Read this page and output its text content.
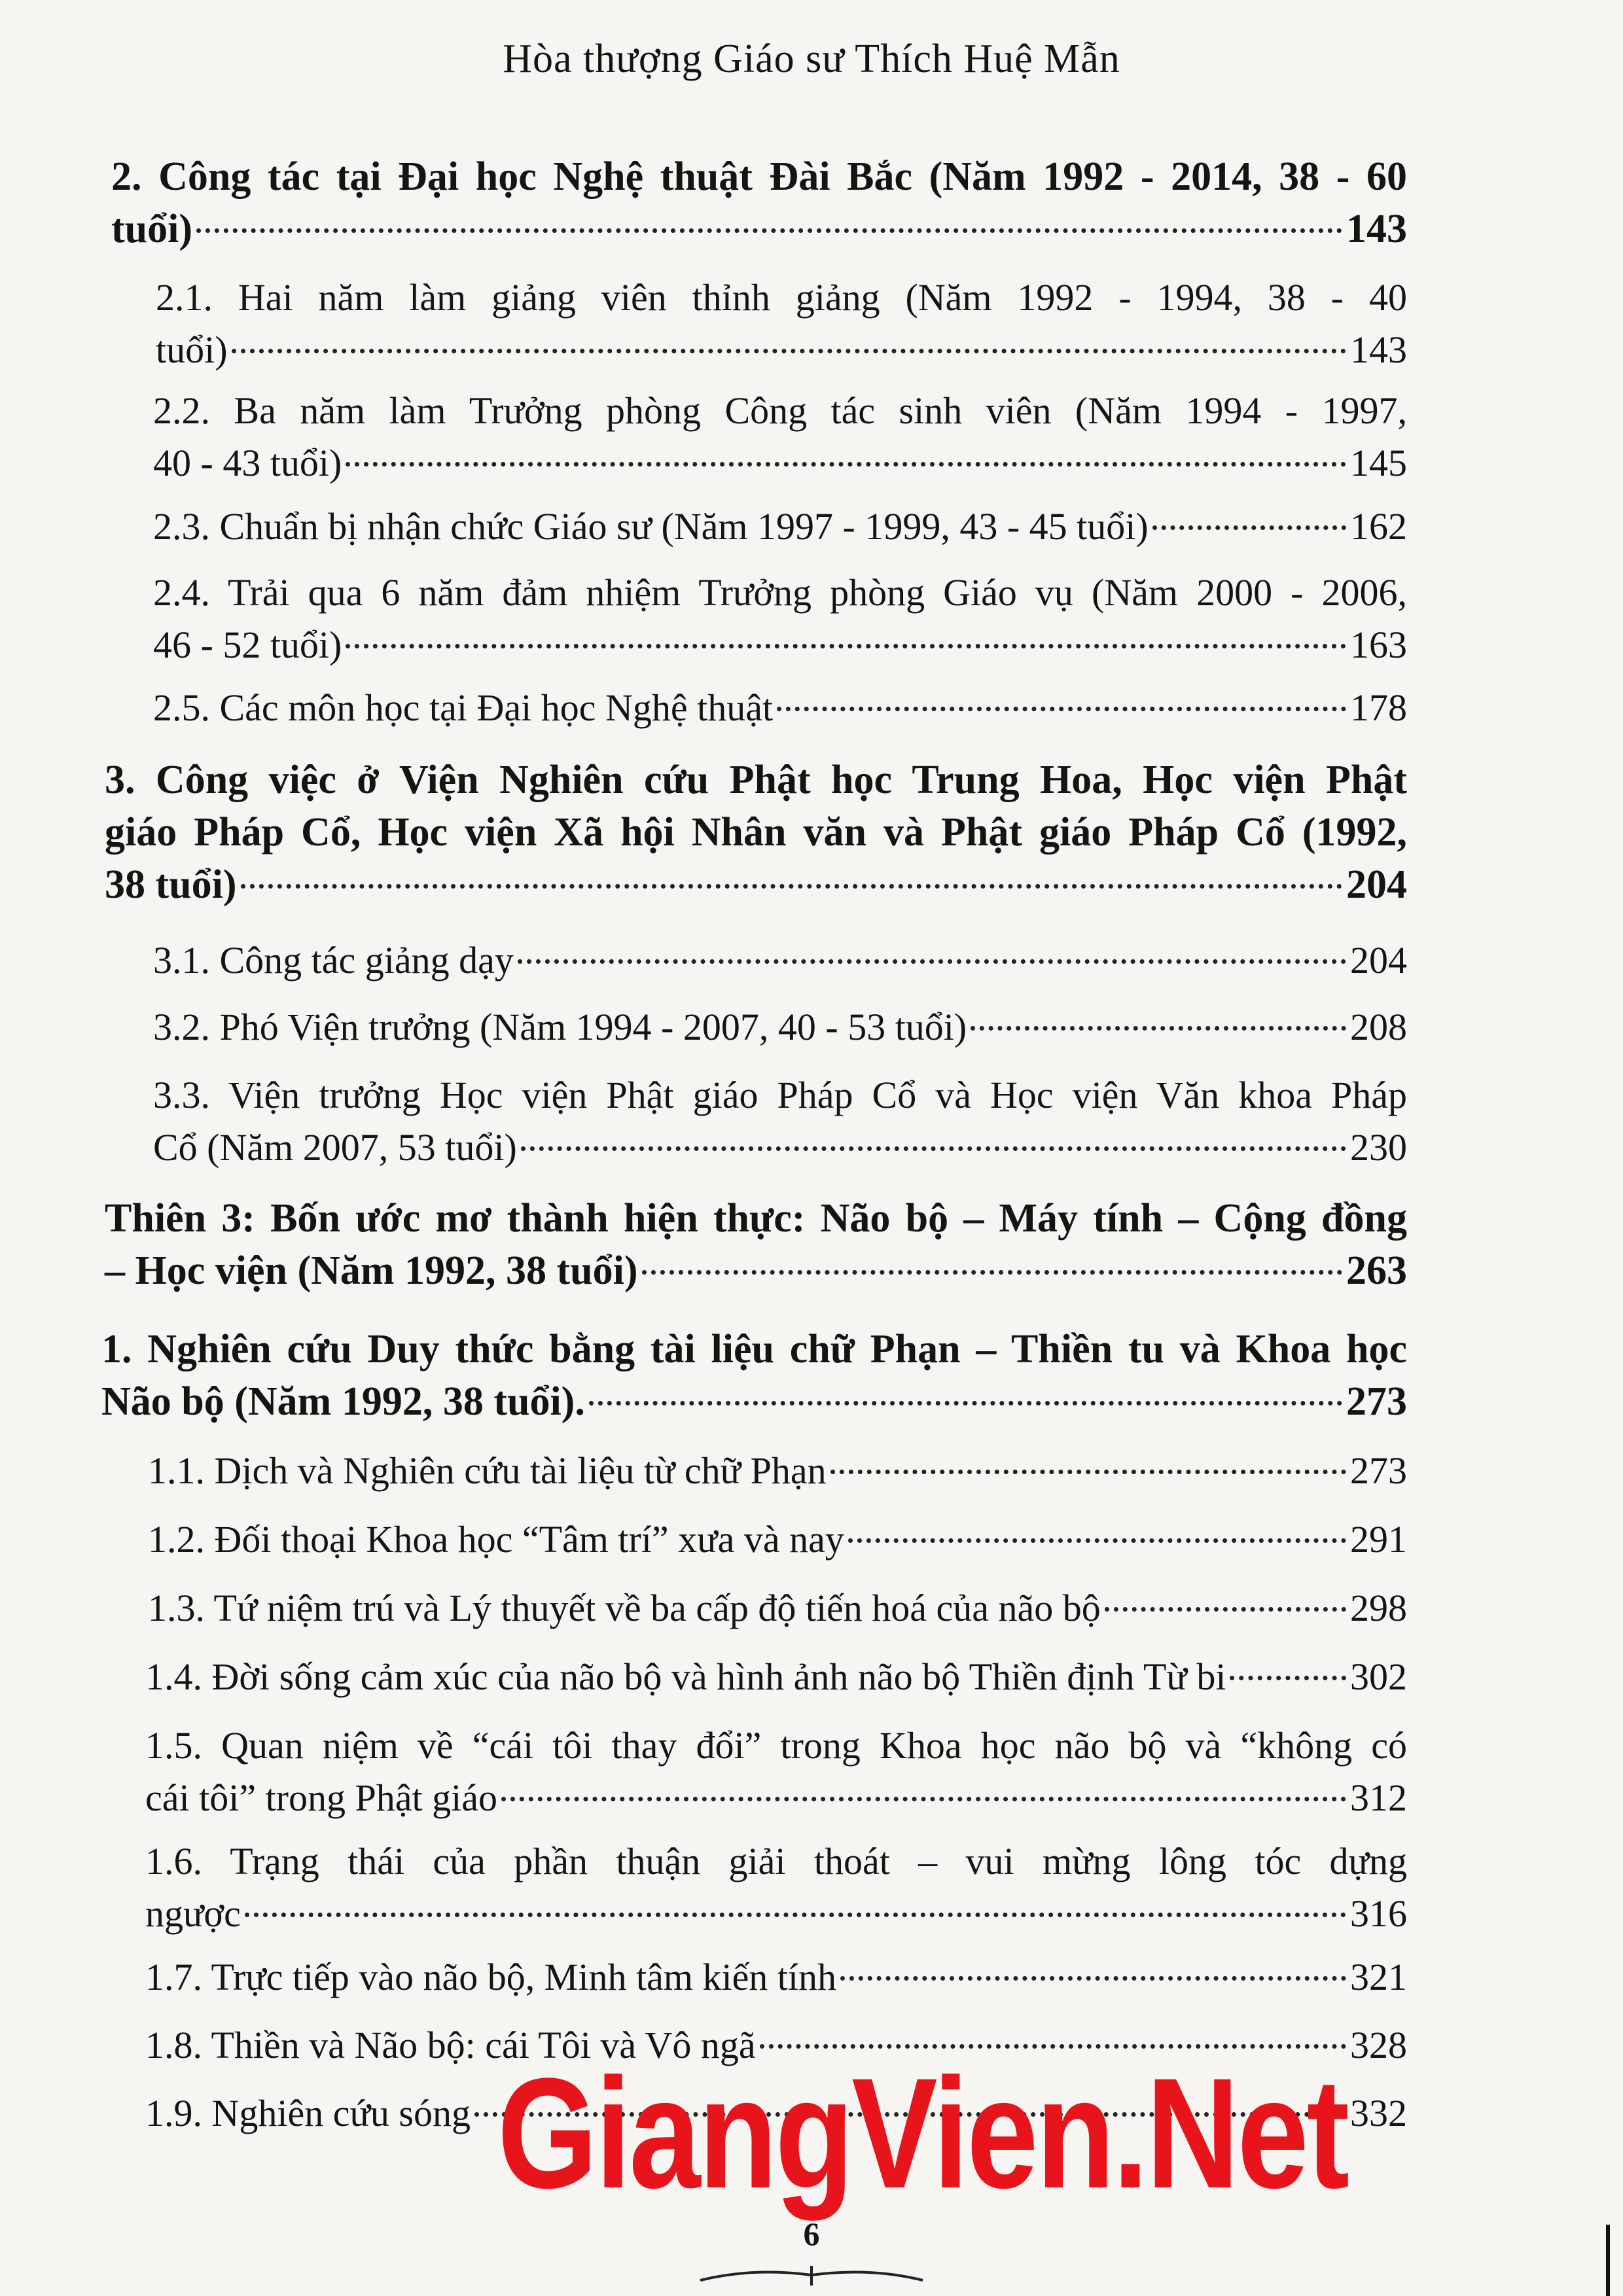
Hòa thượng Giáo sư Thích Huệ Mẫn
2. Công tác tại Đại học Nghệ thuật Đài Bắc (Năm 1992 - 2014, 38 - 60
tuổi)	143
2.1. Hai năm làm giảng viên thỉnh giảng (Năm 1992 - 1994, 38 - 40
tuổi)	143
2.2. Ba năm làm Trưởng phòng Công tác sinh viên (Năm 1994 - 1997,
40 - 43 tuổi)	145
2.3. Chuẩn bị nhận chức Giáo sư (Năm 1997 - 1999, 43 - 45 tuổi)	162
2.4. Trải qua 6 năm đảm nhiệm Trưởng phòng Giáo vụ (Năm 2000 - 2006,
46 - 52 tuổi)	163
2.5. Các môn học tại Đại học Nghệ thuật	178
3. Công việc ở Viện Nghiên cứu Phật học Trung Hoa, Học viện Phật
giáo Pháp Cổ, Học viện Xã hội Nhân văn và Phật giáo Pháp Cổ (1992,
38 tuổi)	204
3.1. Công tác giảng dạy	204
3.2. Phó Viện trưởng (Năm 1994 - 2007, 40 - 53 tuổi)	208
3.3. Viện trưởng Học viện Phật giáo Pháp Cổ và Học viện Văn khoa Pháp
Cổ (Năm 2007, 53 tuổi)	230
Thiên 3: Bốn ước mơ thành hiện thực: Não bộ – Máy tính – Cộng đồng
– Học viện (Năm 1992, 38 tuổi)	263
1. Nghiên cứu Duy thức bằng tài liệu chữ Phạn – Thiền tu và Khoa học
Não bộ (Năm 1992, 38 tuổi).	273
1.1. Dịch và Nghiên cứu tài liệu từ chữ Phạn	273
1.2. Đối thoại Khoa học “Tâm trí” xưa và nay	291
1.3. Tứ niệm trú và Lý thuyết về ba cấp độ tiến hoá của não bộ	298
1.4. Đời sống cảm xúc của não bộ và hình ảnh não bộ Thiền định Từ bi	302
1.5. Quan niệm về “cái tôi thay đổi” trong Khoa học não bộ và “không có
cái tôi” trong Phật giáo	312
1.6. Trạng thái của phần thuận giải thoát – vui mừng lông tóc dựng
ngược	316
1.7. Trực tiếp vào não bộ, Minh tâm kiến tính	321
1.8. Thiền và Não bộ: cái Tôi và Vô ngã	328
1.9. Nghiên cứu sóng	332
GiangVien.Net
6
